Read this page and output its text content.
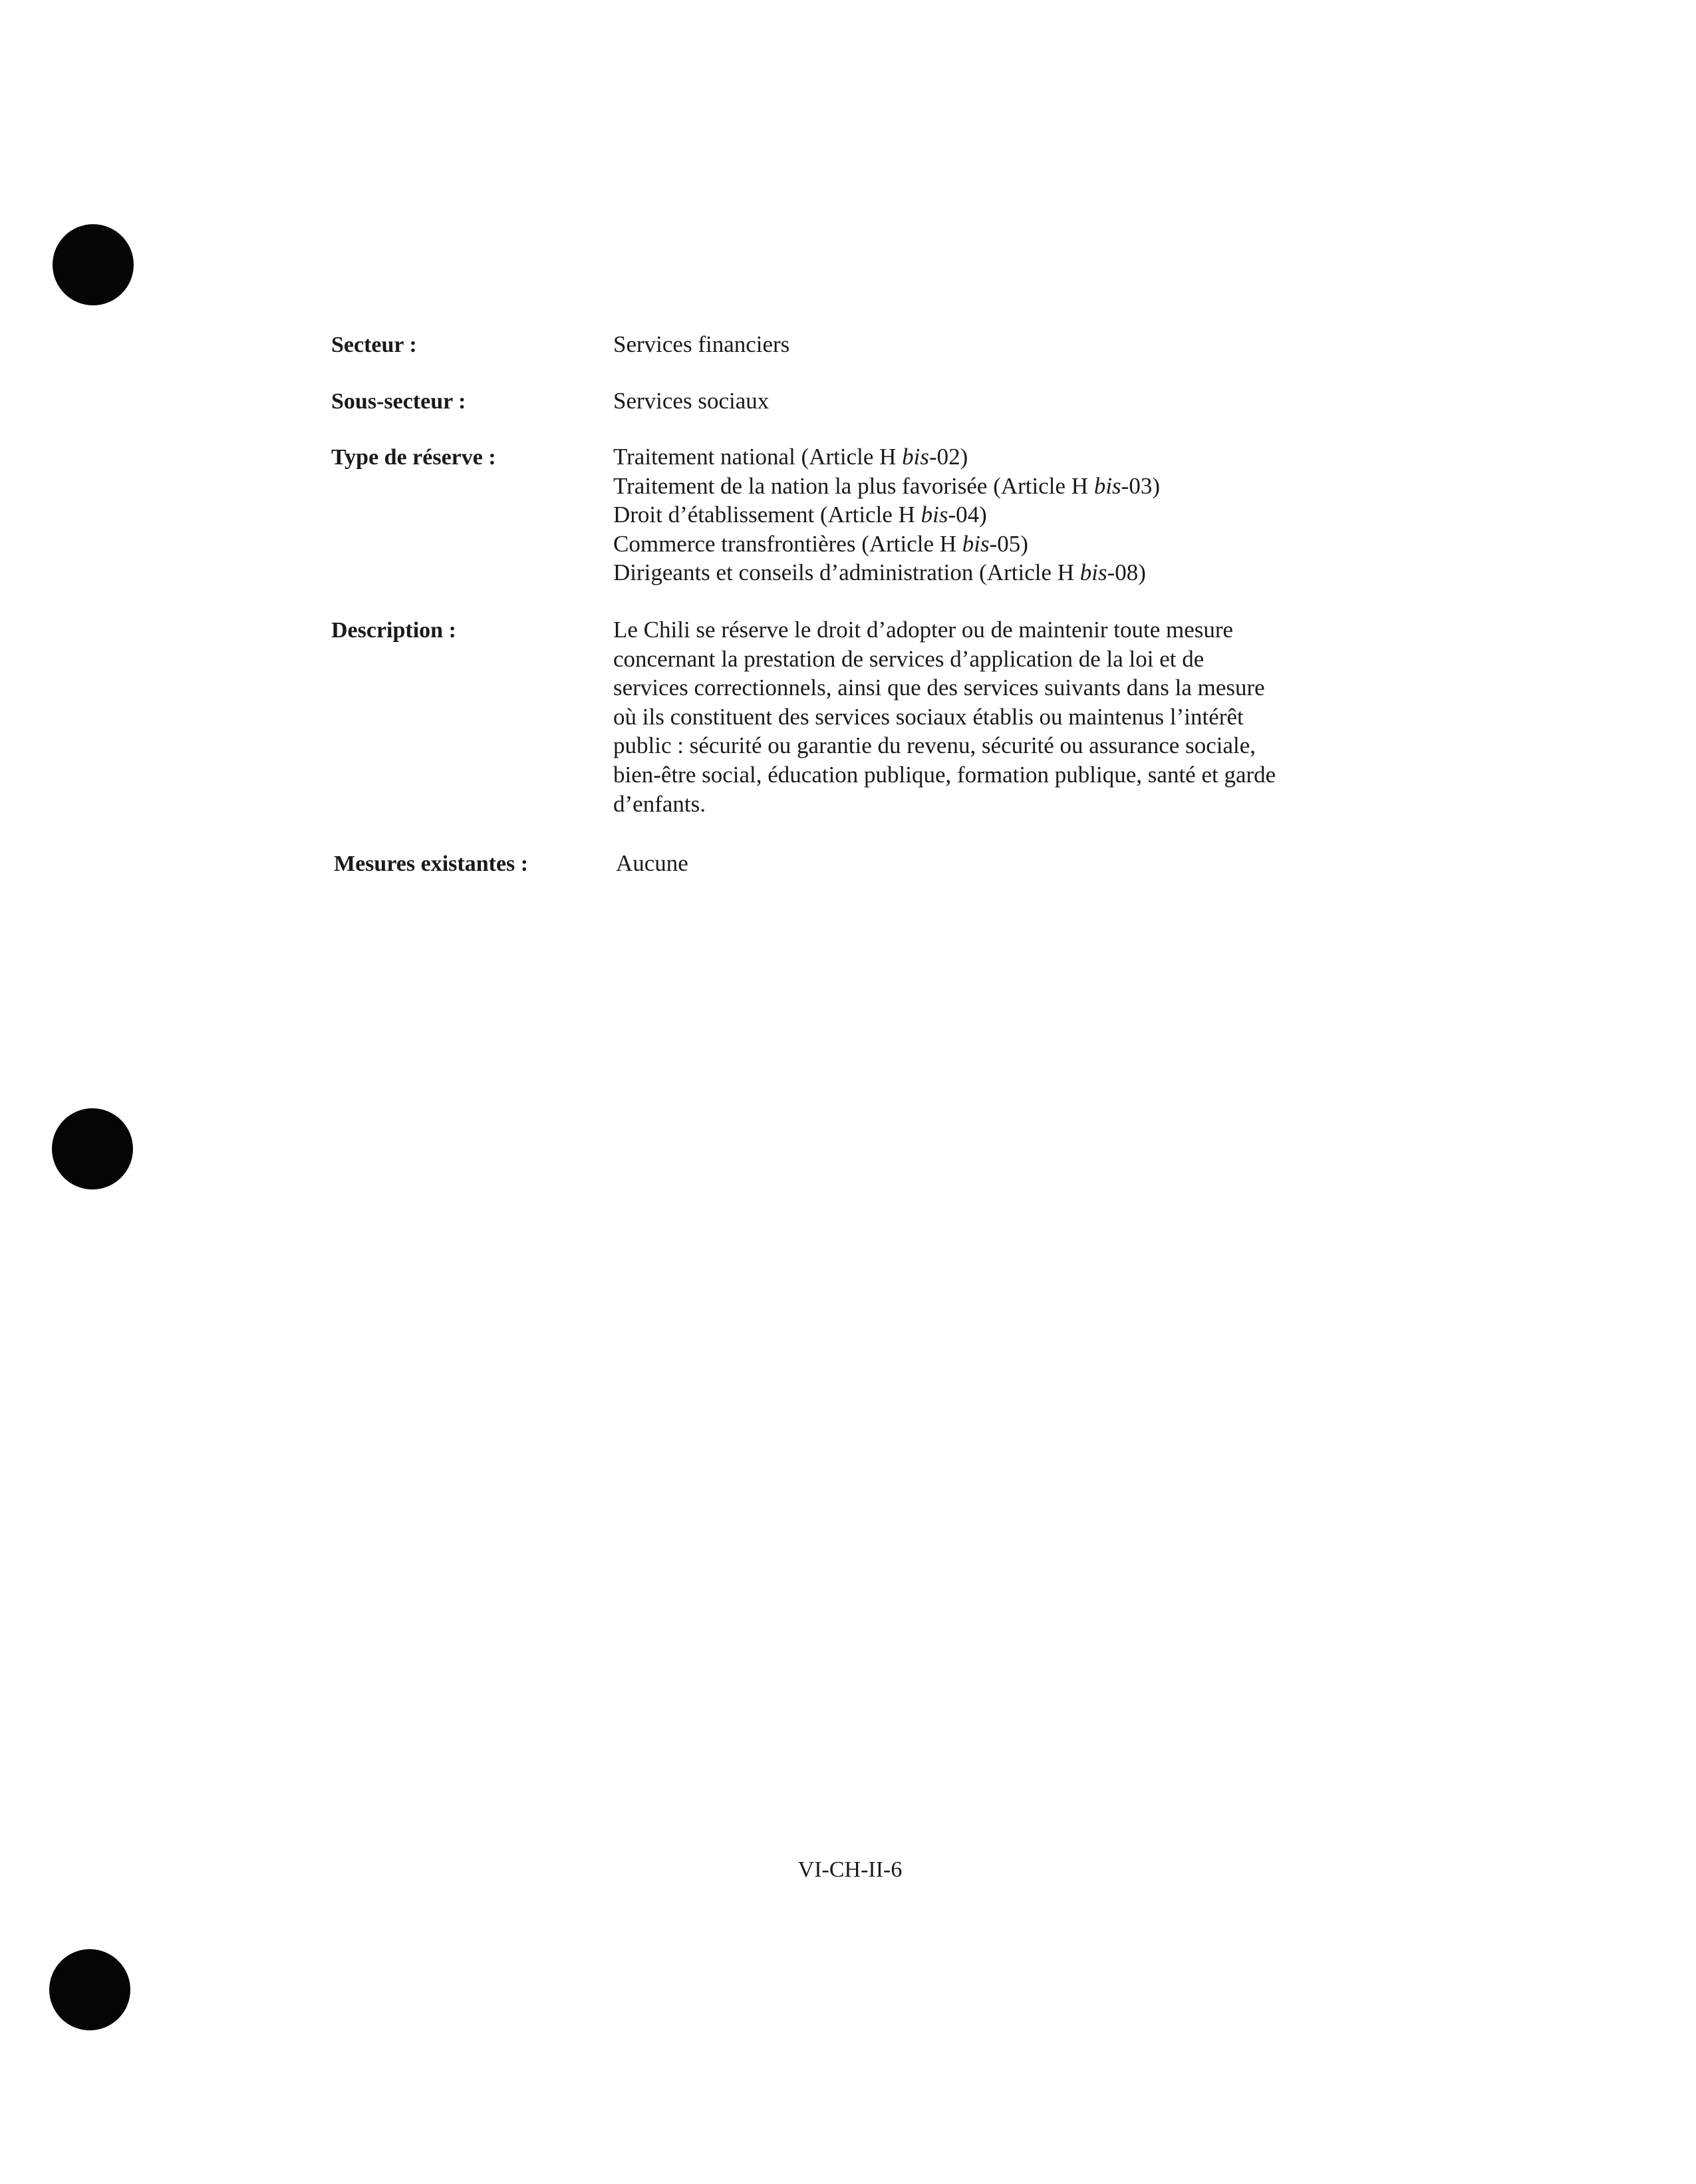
Secteur :	Services financiers
Sous-secteur :	Services sociaux
Type de réserve :	Traitement national (Article H bis-02)
Traitement de la nation la plus favorisée (Article H bis-03)
Droit d’établissement (Article H bis-04)
Commerce transfrontières (Article H bis-05)
Dirigeants et conseils d’administration (Article H bis-08)
Description :	Le Chili se réserve le droit d’adopter ou de maintenir toute mesure
concernant la prestation de services d’application de la loi et de
services correctionnels, ainsi que des services suivants dans la mesure
où ils constituent des services sociaux établis ou maintenus l’intérêt
public : sécurité ou garantie du revenu, sécurité ou assurance sociale,
bien-être social, éducation publique, formation publique, santé et garde
d’enfants.
Mesures existantes :	Aucune
VI-CH-II-6
